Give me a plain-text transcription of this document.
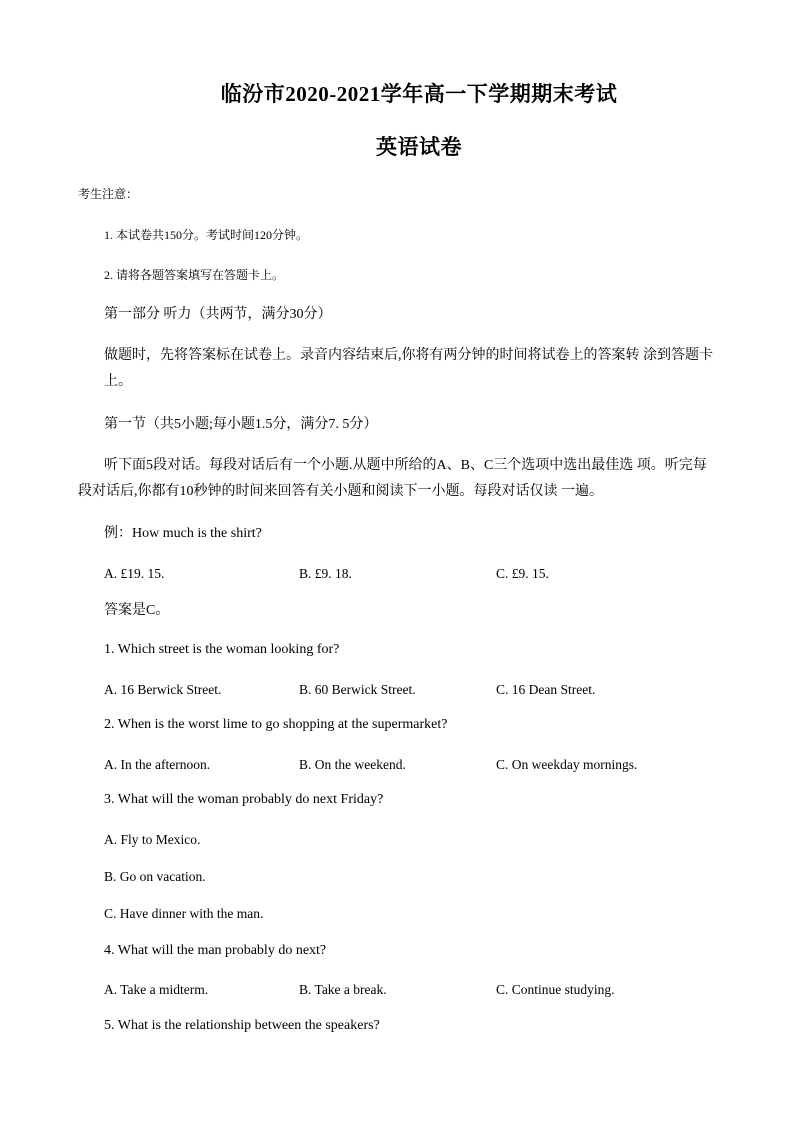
临汾市2020-2021学年高一下学期期末考试
英语试卷
考生注意：
1. 本试卷共150分。考试时间120分钟。
2. 请将各题答案填写在答题卡上。
第一部分 听力（共两节，满分30分）
做题时，先将答案标在试卷上。录音内容结束后,你将有两分钟的时间将试卷上的答案转 涂到答题卡上。
第一节（共5小题;每小题1.5分，满分7. 5分）
听下面5段对话。每段对话后有一个小题.从题中所给的A、B、C三个选项中选出最佳选 项。听完每段对话后,你都有10秒钟的时间来回答有关小题和阅读下一小题。每段对话仅读 一遍。
例：How much is the shirt?
A. £19. 15.	B. £9. 18.	C. £9. 15.
答案是C。
1. Which street is the woman looking for?
A. 16 Berwick Street.	B. 60 Berwick Street.	C. 16 Dean Street.
2. When is the worst lime to go shopping at the supermarket?
A. In the afternoon.	B. On the weekend.	C. On weekday mornings.
3. What will the woman probably do next Friday?
A. Fly to Mexico.
B. Go on vacation.
C. Have dinner with the man.
4. What will the man probably do next?
A. Take a midterm.	B. Take a break.	C. Continue studying.
5. What is the relationship between the speakers?
